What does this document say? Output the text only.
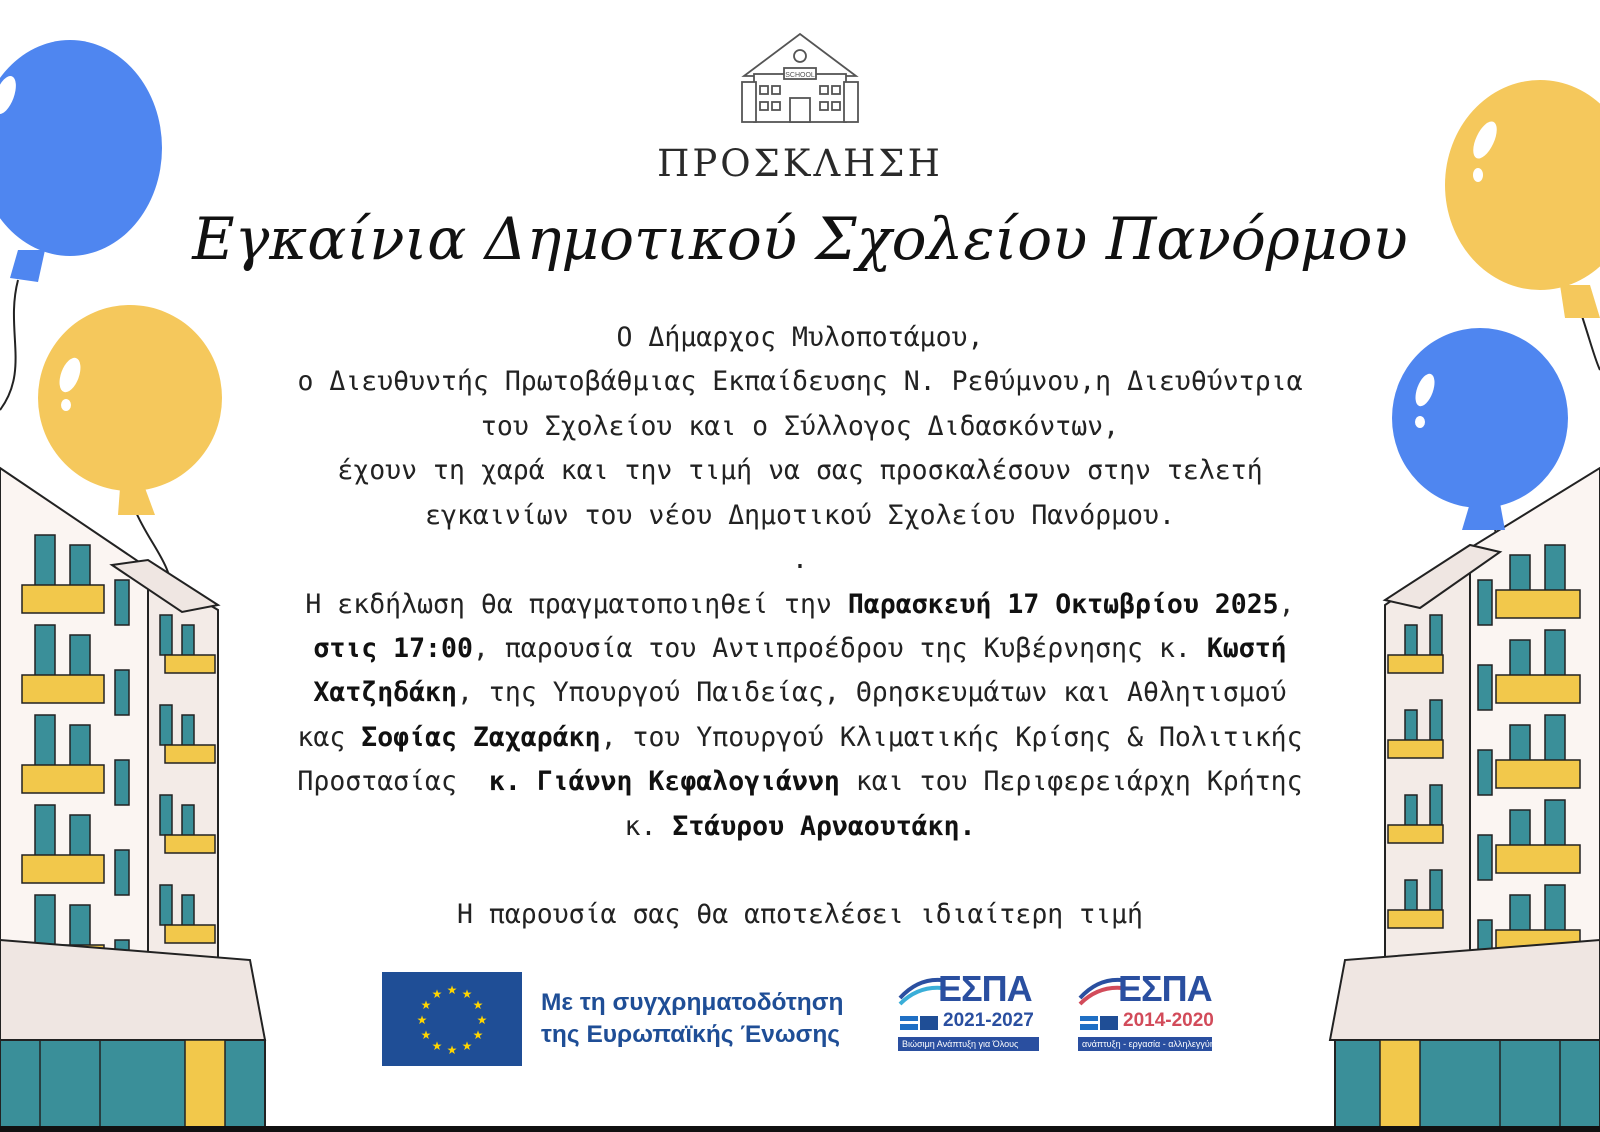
SCHOOL
ΠΡΟΣΚΛΗΣΗ
Εγκαίνια Δημοτικού Σχολείου Πανόρμου
Ο Δήμαρχος Μυλοποτάμου,
ο Διευθυντής Πρωτοβάθμιας Εκπαίδευσης Ν. Ρεθύμνου,η Διευθύντρια
του Σχολείου και ο Σύλλογος Διδασκόντων,
έχουν τη χαρά και την τιμή να σας προσκαλέσουν στην τελετή
εγκαινίων του νέου Δημοτικού Σχολείου Πανόρμου.
.
Η εκδήλωση θα πραγματοποιηθεί την Παρασκευή 17 Οκτωβρίου 2025,
στις 17:00, παρουσία του Αντιπροέδρου της Κυβέρνησης κ. Κωστή
Χατζηδάκη, της Υπουργού Παιδείας, Θρησκευμάτων και Αθλητισμού
κας Σοφίας Ζαχαράκη, του Υπουργού Κλιματικής Κρίσης & Πολιτικής
Προστασίας  κ. Γιάννη Κεφαλογιάννη και του Περιφερειάρχη Κρήτης
κ. Στάυρου Αρναουτάκη.
Η παρουσία σας θα αποτελέσει ιδιαίτερη τιμή
★ ★
★
★
★
★
★
★
★
★
★
★	Με τη συγχρηματοδότηση
της Ευρωπαϊκής Ένωσης
ΕΣΠΑ
2021-2027
Βιώσιμη Ανάπτυξη για Όλους
ΕΣΠΑ
2014-2020
ανάπτυξη - εργασία - αλληλεγγύη
